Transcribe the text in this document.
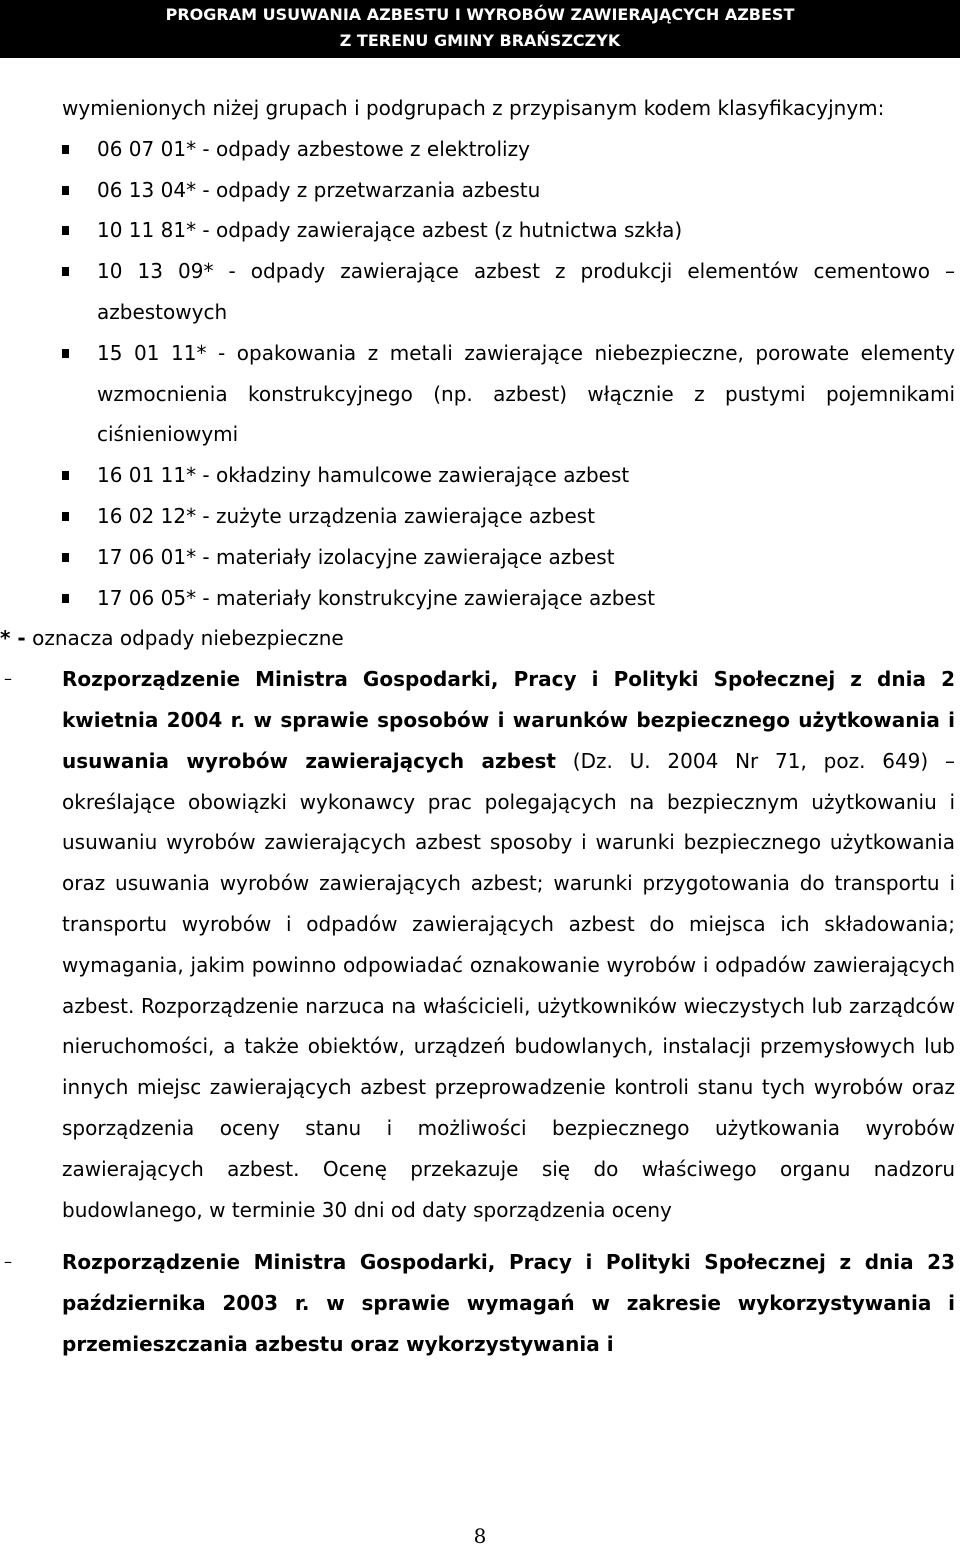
PROGRAM USUWANIA AZBESTU I WYROBÓW ZAWIERAJĄCYCH AZBEST
Z TERENU GMINY BRAŃSZCZYK
wymienionych niżej grupach i podgrupach z przypisanym kodem klasyfikacyjnym:
06 07 01* - odpady azbestowe z elektrolizy
06 13 04* - odpady z przetwarzania azbestu
10 11 81* - odpady zawierające azbest (z hutnictwa szkła)
10 13 09* - odpady zawierające azbest z produkcji elementów cementowo – azbestowych
15 01 11* - opakowania z metali zawierające niebezpieczne, porowate elementy wzmocnienia konstrukcyjnego (np. azbest) włącznie z pustymi pojemnikami ciśnieniowymi
16 01 11* - okładziny hamulcowe zawierające azbest
16 02 12* - zużyte urządzenia zawierające azbest
17 06 01* - materiały izolacyjne zawierające azbest
17 06 05* - materiały konstrukcyjne zawierające azbest
* - oznacza odpady niebezpieczne
–	Rozporządzenie Ministra Gospodarki, Pracy i Polityki Społecznej z dnia 2 kwietnia 2004 r. w sprawie sposobów i warunków bezpiecznego użytkowania i usuwania wyrobów zawierających azbest (Dz. U. 2004 Nr 71, poz. 649) – określające obowiązki wykonawcy prac polegających na bezpiecznym użytkowaniu i usuwaniu wyrobów zawierających azbest sposoby i warunki bezpiecznego użytkowania oraz usuwania wyrobów zawierających azbest; warunki przygotowania do transportu i transportu wyrobów i odpadów zawierających azbest do miejsca ich składowania; wymagania, jakim powinno odpowiadać oznakowanie wyrobów i odpadów zawierających azbest. Rozporządzenie narzuca na właścicieli, użytkowników wieczystych lub zarządców nieruchomości, a także obiektów, urządzeń budowlanych, instalacji przemysłowych lub innych miejsc zawierających azbest przeprowadzenie kontroli stanu tych wyrobów oraz sporządzenia oceny stanu i możliwości bezpiecznego użytkowania wyrobów zawierających azbest. Ocenę przekazuje się do właściwego organu nadzoru budowlanego, w terminie 30 dni od daty sporządzenia oceny
–	Rozporządzenie Ministra Gospodarki, Pracy i Polityki Społecznej z dnia 23 października 2003 r. w sprawie wymagań w zakresie wykorzystywania i przemieszczania azbestu oraz wykorzystywania i
8
